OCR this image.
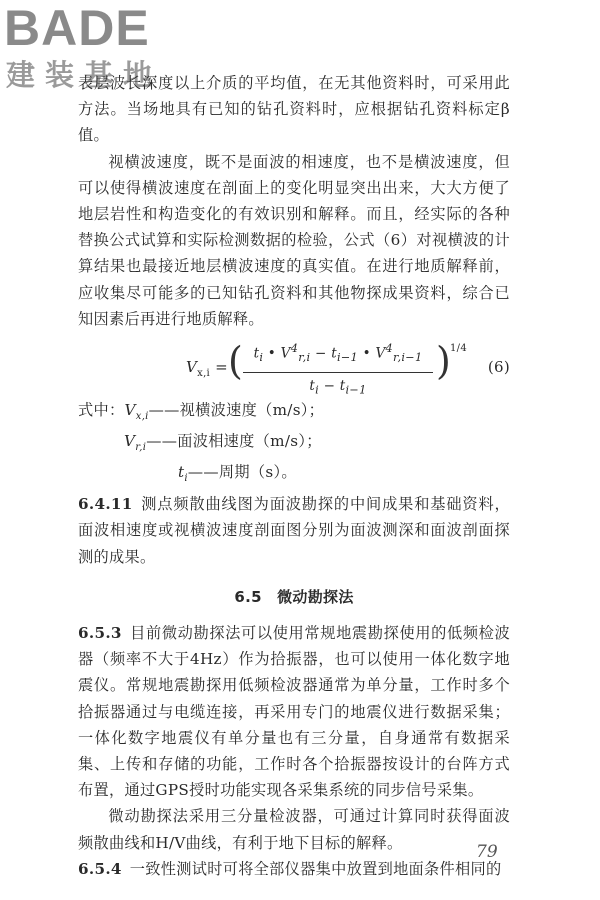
BADE
建装基地

表层波长深度以上介质的平均值，在无其他资料时，可采用此方法。当场地具有已知的钻孔资料时，应根据钻孔资料标定β值。

视横波速度，既不是面波的相速度，也不是横波速度，但可以使得横波速度在剖面上的变化明显突出出来，大大方便了地层岩性和构造变化的有效识别和解释。而且，经实际的各种替换公式试算和实际检测数据的检验，公式（6）对视横波的计算结果也最接近地层横波速度的真实值。在进行地质解释前，应收集尽可能多的已知钻孔资料和其他物探成果资料，综合已知因素后再进行地质解释。

$V_{x,i}$ = ( $\frac{t_i • V^4_{r,i} - t_{i-1} • V^4_{r,i-1}}{t_i - t_{i-1}}$ )
1/4
(6)
式中：$V_{x,i}——$视横波速度（m/s）；
$V_{r,i}——$面波相速度（m/s）；
$t_i——$周期（s）。

6.4.11 测点频散曲线图为面波勘探的中间成果和基础资料，面波相速度或视横波速度剖面图分别为面波测深和面波剖面探测的成果。

6.5　微动勘探法

6.5.3 目前微动勘探法可以使用常规地震勘探使用的低频检波器（频率不大于4Hz）作为拾振器，也可以使用一体化数字地震仪。常规地震勘探用低频检波器通常为单分量，工作时多个拾振器通过与电缆连接，再采用专门的地震仪进行数据采集；一体化数字地震仪有单分量也有三分量，自身通常有数据采集、上传和存储的功能，工作时各个拾振器按设计的台阵方式布置，通过GPS授时功能实现各采集系统的同步信号采集。

微动勘探法采用三分量检波器，可通过计算同时获得面波频散曲线和H/V曲线，有利于地下目标的解释。

6.5.4 一致性测试时可将全部仪器集中放置到地面条件相同的

79
